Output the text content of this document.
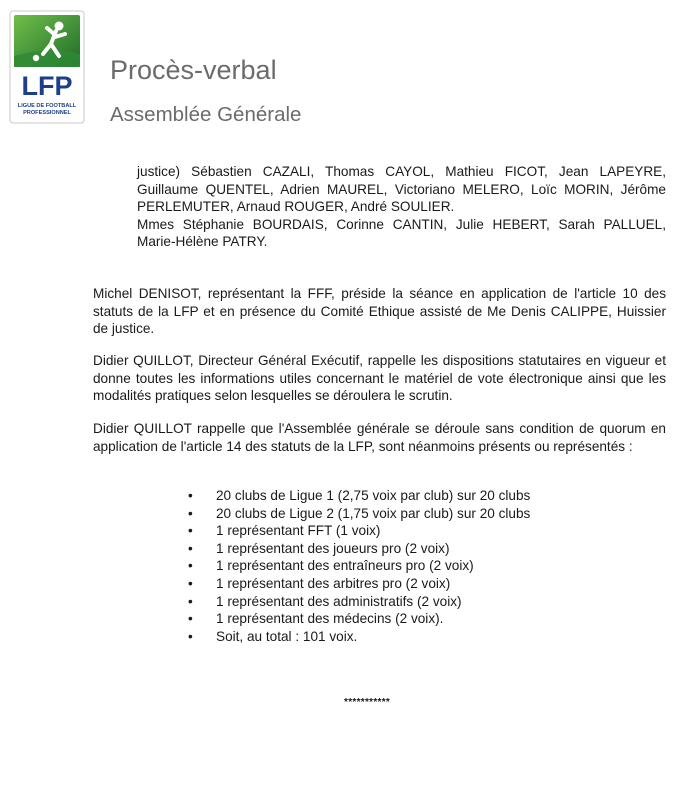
LFP
LIGUE DE FOOTBALL
PROFESSIONNEL
Procès-verbal
Assemblée Générale

justice) Sébastien CAZALI, Thomas CAYOL, Mathieu FICOT, Jean LAPEYRE, Guillaume QUENTEL, Adrien MAUREL, Victoriano MELERO, Loïc MORIN, Jérôme PERLEMUTER, Arnaud ROUGER, André SOULIER.

Mmes Stéphanie BOURDAIS, Corinne CANTIN, Julie HEBERT, Sarah PALLUEL, Marie-Hélène PATRY.

Michel DENISOT, représentant la FFF, préside la séance en application de l'article 10 des statuts de la LFP et en présence du Comité Ethique assisté de Me Denis CALIPPE, Huissier de justice.

Didier QUILLOT, Directeur Général Exécutif, rappelle les dispositions statutaires en vigueur et donne toutes les informations utiles concernant le matériel de vote électronique ainsi que les modalités pratiques selon lesquelles se déroulera le scrutin.

Didier QUILLOT rappelle que l'Assemblée générale se déroule sans condition de quorum en application de l'article 14 des statuts de la LFP, sont néanmoins présents ou représentés :

• 20 clubs de Ligue 1 (2,75 voix par club) sur 20 clubs
• 20 clubs de Ligue 2 (1,75 voix par club) sur 20 clubs
• 1 représentant FFT (1 voix)
• 1 représentant des joueurs pro (2 voix)
• 1 représentant des entraîneurs pro (2 voix)
• 1 représentant des arbitres pro (2 voix)
• 1 représentant des administratifs (2 voix)
• 1 représentant des médecins (2 voix).
• Soit, au total : 101 voix.
***********
